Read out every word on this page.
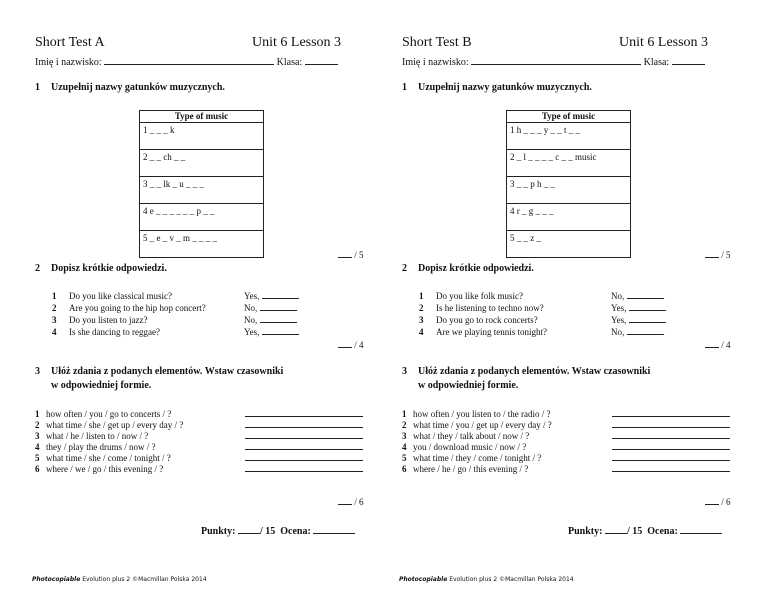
Short Test A	Unit 6 Lesson 3
Imię i nazwisko:	Klasa:
1 Uzupełnij nazwy gatunków muzycznych.
Type of music
1 _ _ _ k
2 _ _ ch _ _
3 _ _ lk _ u _ _ _
4 e _ _ _ _ _ _ p _ _
5 _ e _ v _ m _ _ _ _
/ 5
2 Dopisz krótkie odpowiedzi.
1 Do you like classical music?	Yes,	.
2 Are you going to the hip hop concert?	No,	.
3 Do you listen to jazz?	No,	.
4 Is she dancing to reggae?	Yes,	.
/ 4
3 Ułóż zdania z podanych elementów. Wstaw czasowniki
w odpowiedniej formie.
1 how often / you / go to concerts / ?
2 what time / she / get up / every day / ?
3 what / he / listen to / now / ?
4 they / play the drums / now / ?
5 what time / she / come / tonight / ?
6 where / we / go / this evening / ?
/ 6
Punkty: / 15 Ocena:
Photocopiable Evolution plus 2 ©Macmillan Polska 2014
Short Test B	Unit 6 Lesson 3
Imię i nazwisko:	Klasa:
1 Uzupełnij nazwy gatunków muzycznych.
Type of music
1 h _ _ _ y _ _ t _ _
2 _ l _ _ _ _ c _ _ music
3 _ _ p h _ _
4 r _ g _ _ _
5 _ _ z _
/ 5
2 Dopisz krótkie odpowiedzi.
1 Do you like folk music?	No,	.
2 Is he listening to techno now?	Yes,	.
3 Do you go to rock concerts?	Yes,	.
4 Are we playing tennis tonight?	No,	.
/ 4
3 Ułóż zdania z podanych elementów. Wstaw czasowniki
w odpowiedniej formie.
1 how often / you listen to / the radio / ?
2 what time / you / get up / every day / ?
3 what / they / talk about / now / ?
4 you / download music / now / ?
5 what time / they / come / tonight / ?
6 where / he / go / this evening / ?
/ 6
Punkty: / 15 Ocena:
Photocopiable Evolution plus 2 ©Macmillan Polska 2014
